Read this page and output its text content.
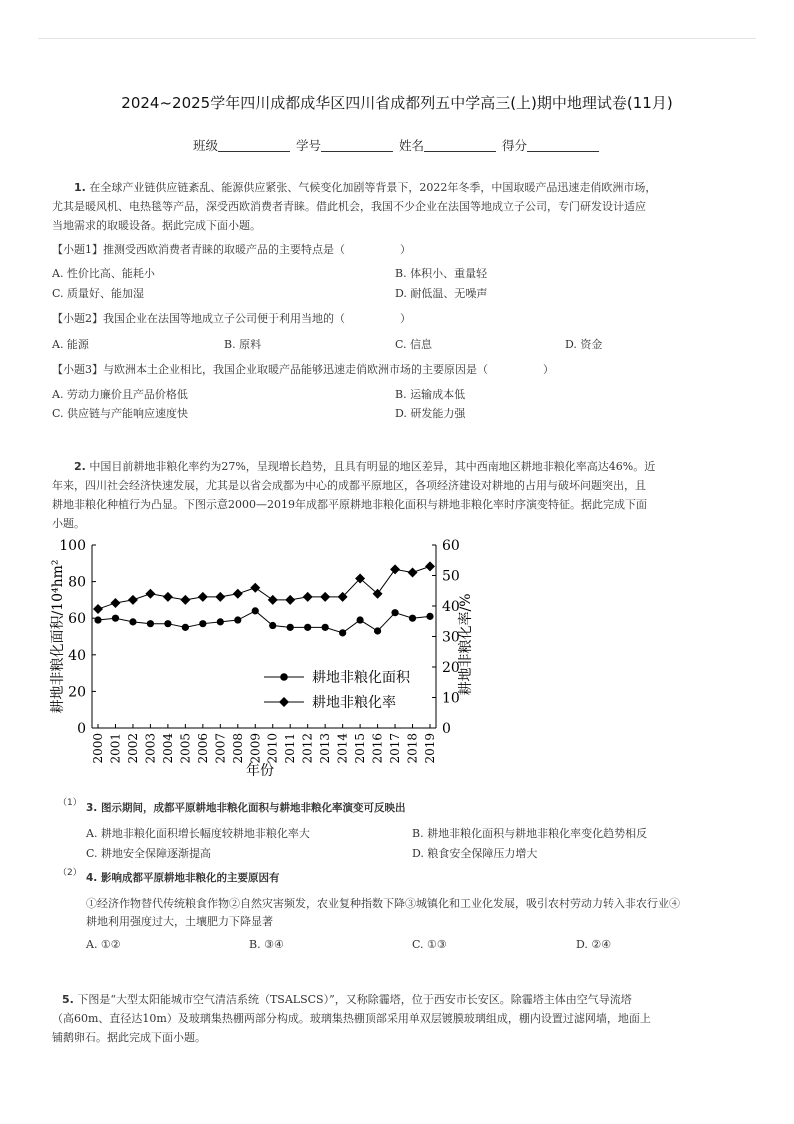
2024~2025学年四川成都成华区四川省成都列五中学高三(上)期中地理试卷(11月)
班级	学号	姓名	得分
1. 在全球产业链供应链紊乱、能源供应紧张、气候变化加剧等背景下，2022年冬季，中国取暖产品迅速走俏欧洲市场，
尤其是暖风机、电热毯等产品，深受西欧消费者青睐。借此机会，我国不少企业在法国等地成立子公司，专门研发设计适应
当地需求的取暖设备。据此完成下面小题。
【小题1】推测受西欧消费者青睐的取暖产品的主要特点是（　　　　　）
A. 性价比高、能耗小	B. 体积小、重量轻
C. 质量好、能加湿	D. 耐低温、无噪声
【小题2】我国企业在法国等地成立子公司便于利用当地的（　　　　　）
A. 能源	B. 原料	C. 信息	D. 资金
【小题3】与欧洲本土企业相比，我国企业取暖产品能够迅速走俏欧洲市场的主要原因是（　　　　　）
A. 劳动力廉价且产品价格低	B. 运输成本低
C. 供应链与产能响应速度快	D. 研发能力强
2. 中国目前耕地非粮化率约为27%，呈现增长趋势，且具有明显的地区差异，其中西南地区耕地非粮化率高达46%。近
年来，四川社会经济快速发展，尤其是以省会成都为中心的成都平原地区，各项经济建设对耕地的占用与破坏问题突出，且
耕地非粮化种植行为凸显。下图示意2000—2019年成都平原耕地非粮化面积与耕地非粮化率时序演变特征。据此完成下面
小题。
0
20
40
60
80
100
0
10
20
30
40
50
60
2000 2001 2002 2003 2004 2005 2006 2007 2008 2009 2010 2011 2012 2013 2014 2015 2016 2017 2018 2019
年份
耕地非粮化面积/10⁴hm²	耕地非粮化率/%
耕地非粮化面积
耕地非粮化率
（1） 3. 图示期间，成都平原耕地非粮化面积与耕地非粮化率演变可反映出
A. 耕地非粮化面积增长幅度较耕地非粮化率大	B. 耕地非粮化面积与耕地非粮化率变化趋势相反
C. 耕地安全保障逐渐提高	D. 粮食安全保障压力增大
（2） 4. 影响成都平原耕地非粮化的主要原因有
①经济作物替代传统粮食作物②自然灾害频发，农业复种指数下降③城镇化和工业化发展，吸引农村劳动力转入非农行业④
耕地利用强度过大，土壤肥力下降显著
A. ①②	B. ③④	C. ①③	D. ②④
5. 下图是“大型太阳能城市空气清洁系统（TSALSCS）”，又称除霾塔，位于西安市长安区。除霾塔主体由空气导流塔
（高60m、直径达10m）及玻璃集热棚两部分构成。玻璃集热棚顶部采用单双层镀膜玻璃组成，棚内设置过滤网墙，地面上
铺鹅卵石。据此完成下面小题。
